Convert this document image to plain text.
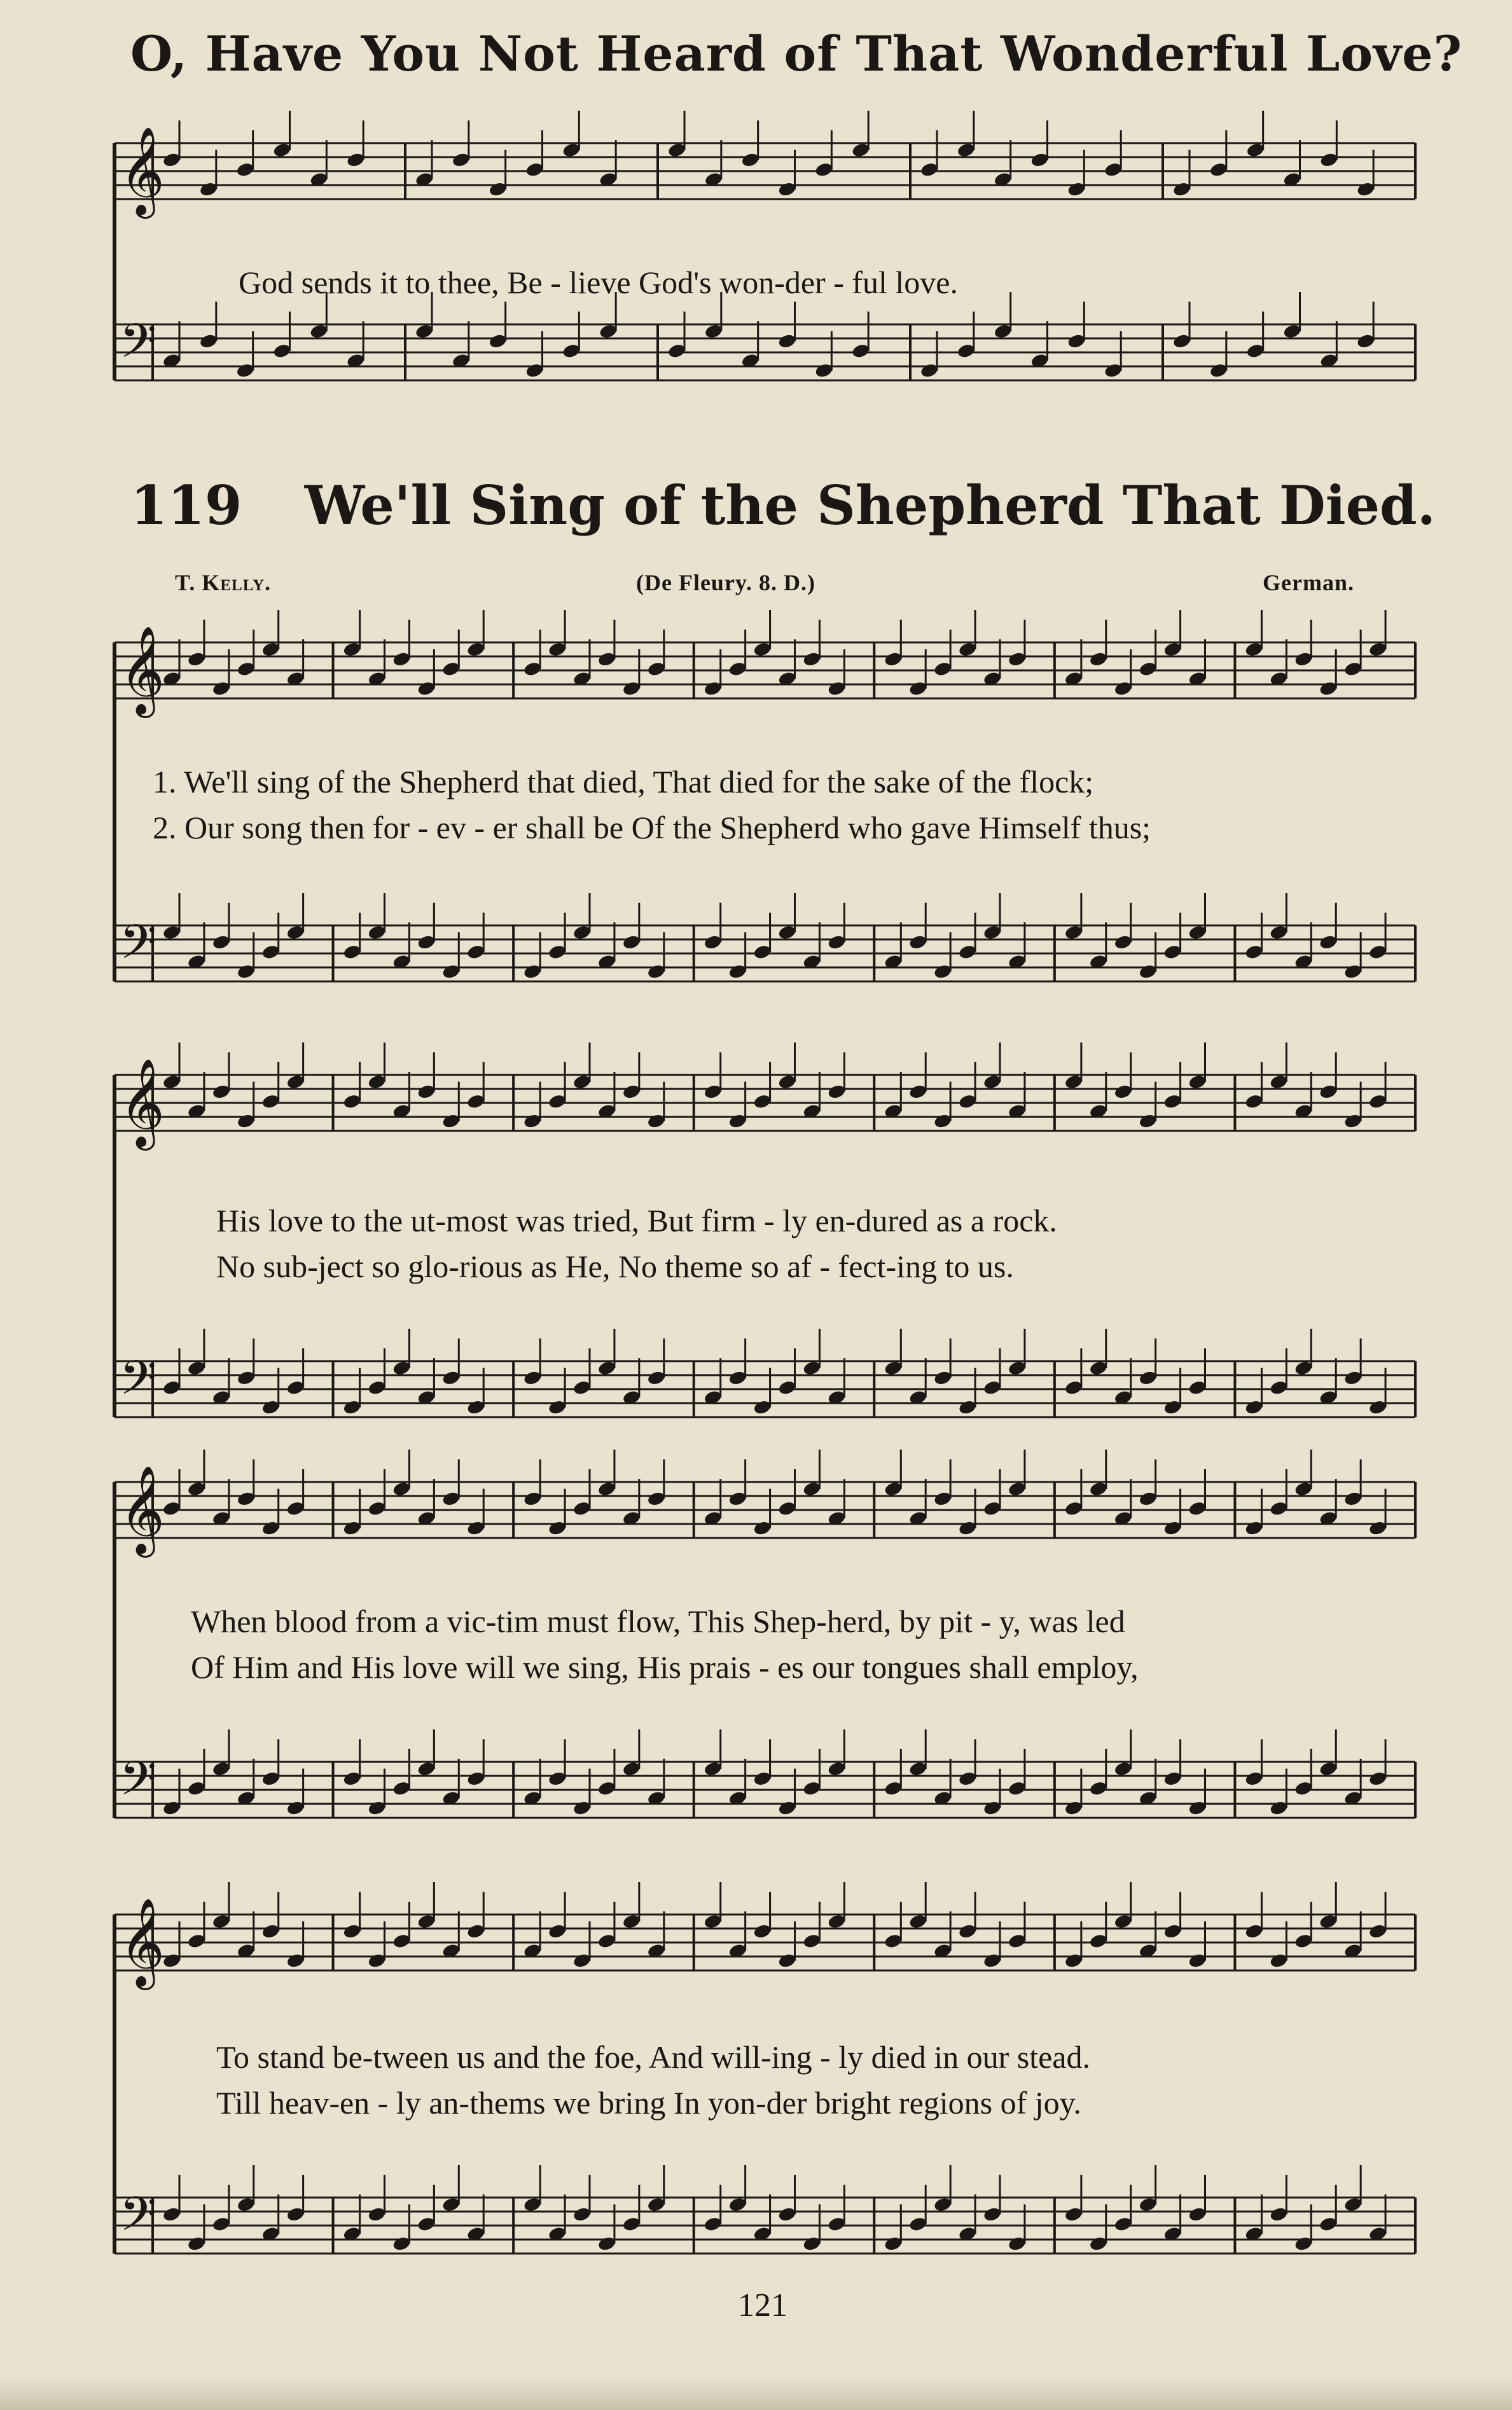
O, Have You Not Heard of That Wonderful Love?
𝄞
𝄢
𝄞
𝄢
𝄞
𝄢
𝄞
𝄢
𝄞
𝄢
God sends it to thee, Be - lieve God's won-der - ful love.
119 We'll Sing of the Shepherd That Died.
T. Kelly.	(De Fleury. 8. D.)	German.
1. We'll sing of the Shepherd that died, That died for the sake of the flock;
2. Our song then for - ev - er shall be Of the Shepherd who gave Himself thus;
His love to the ut-most was tried, But firm - ly en-dured as a rock.
No sub-ject so glo-rious as He, No theme so af - fect-ing to us.
When blood from a vic-tim must flow, This Shep-herd, by pit - y, was led
Of Him and His love will we sing, His prais - es our tongues shall employ,
To stand be-tween us and the foe, And will-ing - ly died in our stead.
Till heav-en - ly an-thems we bring In yon-der bright regions of joy.
121
